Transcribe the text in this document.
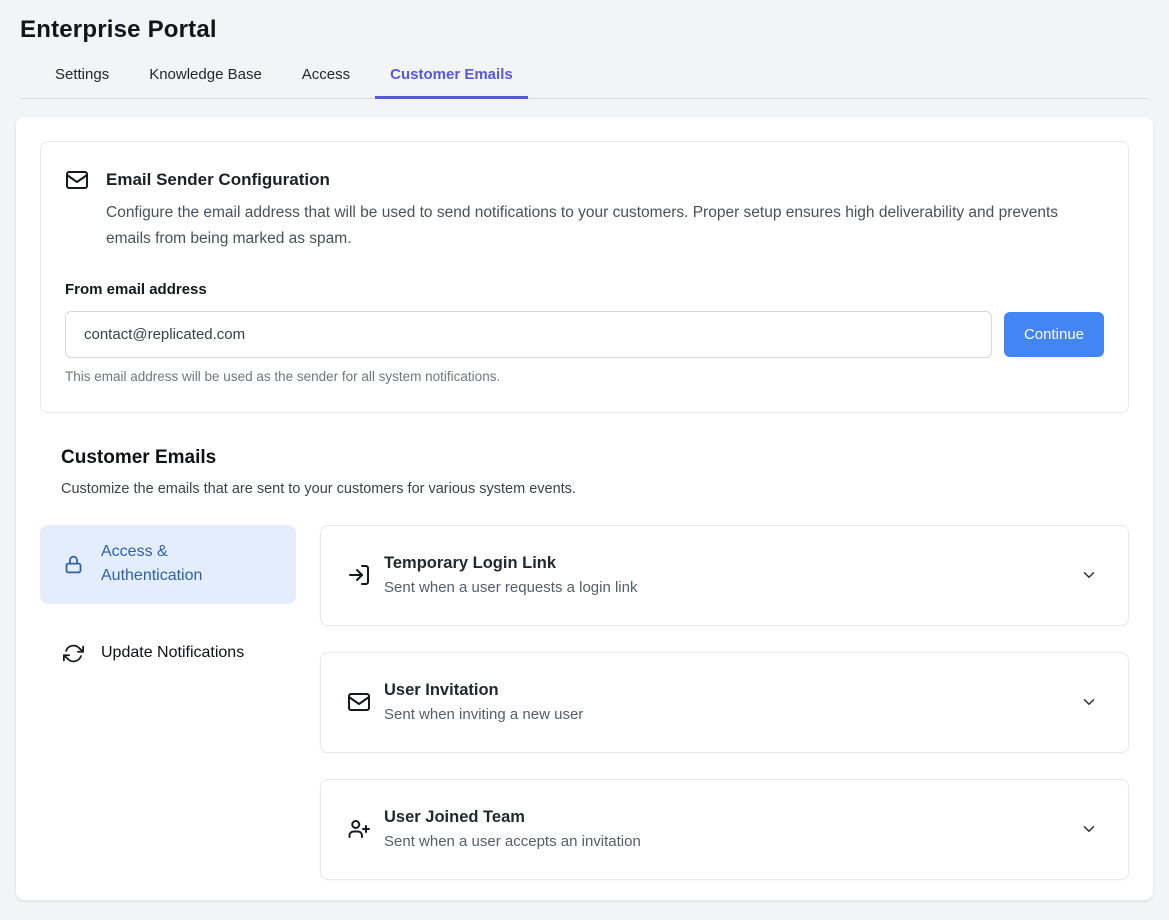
Enterprise Portal
Settings	Knowledge Base	Access	Customer Emails
Email Sender Configuration

Configure the email address that will be used to send notifications to your customers. Proper setup ensures high deliverability and prevents emails from being marked as spam.

From email address
contact@replicated.com
Continue

This email address will be used as the sender for all system notifications.

Customer Emails

Customize the emails that are sent to your customers for various system events.

Access & Authentication
Update Notifications
Temporary Login Link
Sent when a user requests a login link
User Invitation
Sent when inviting a new user
User Joined Team
Sent when a user accepts an invitation
